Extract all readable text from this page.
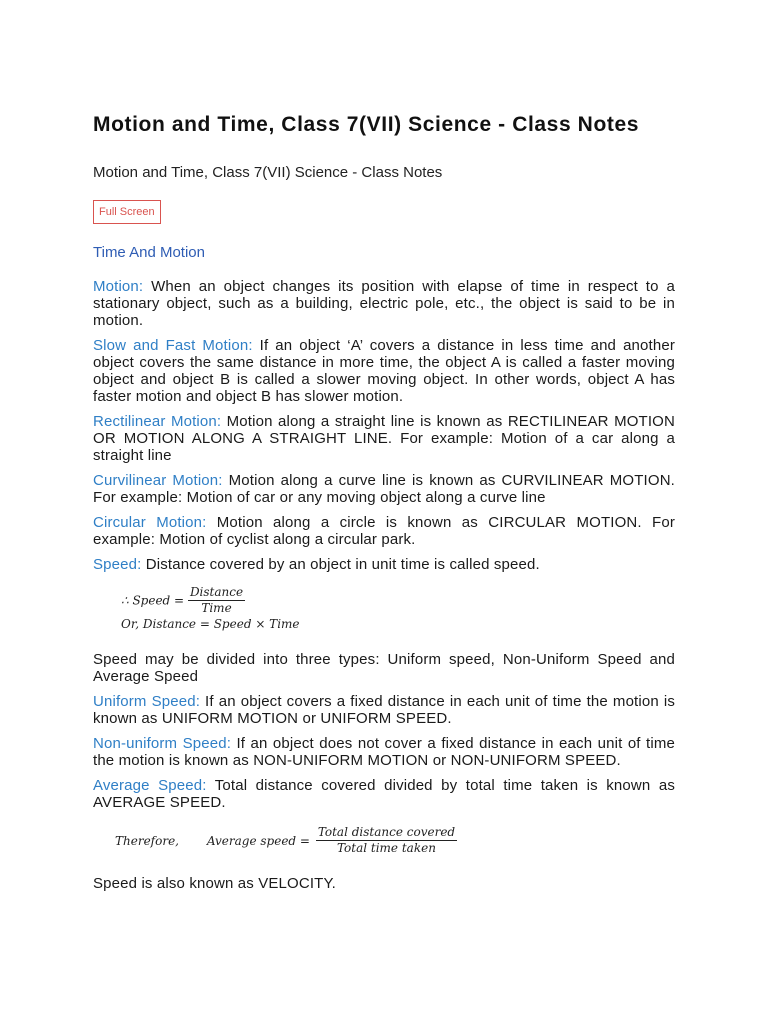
Motion and Time, Class 7(VII) Science - Class Notes

Motion and Time, Class 7(VII) Science - Class Notes

Full Screen

Time And Motion

Motion: When an object changes its position with elapse of time in respect to a stationary object, such as a building, electric pole, etc., the object is said to be in motion.

Slow and Fast Motion: If an object ‘A’ covers a distance in less time and another object covers the same distance in more time, the object A is called a faster moving object and object B is called a slower moving object. In other words, object A has faster motion and object B has slower motion.

Rectilinear Motion: Motion along a straight line is known as RECTILINEAR MOTION OR MOTION ALONG A STRAIGHT LINE. For example: Motion of a car along a straight line

Curvilinear Motion: Motion along a curve line is known as CURVILINEAR MOTION. For example: Motion of car or any moving object along a curve line

Circular Motion: Motion along a circle is known as CIRCULAR MOTION. For example: Motion of cyclist along a circular park.

Speed: Distance covered by an object in unit time is called speed.

∴ Speed = $\frac{\text{Distance}}{\text{Time}}$
Or, Distance = Speed × Time

Speed may be divided into three types: Uniform speed, Non-Uniform Speed and Average Speed

Uniform Speed: If an object covers a fixed distance in each unit of time the motion is known as UNIFORM MOTION or UNIFORM SPEED.

Non-uniform Speed: If an object does not cover a fixed distance in each unit of time the motion is known as NON-UNIFORM MOTION or NON-UNIFORM SPEED.

Average Speed: Total distance covered divided by total time taken is known as AVERAGE SPEED.

Therefore, Average speed = $\frac{\text{Total distance covered}}{\text{Total time taken}}$

Speed is also known as VELOCITY.
